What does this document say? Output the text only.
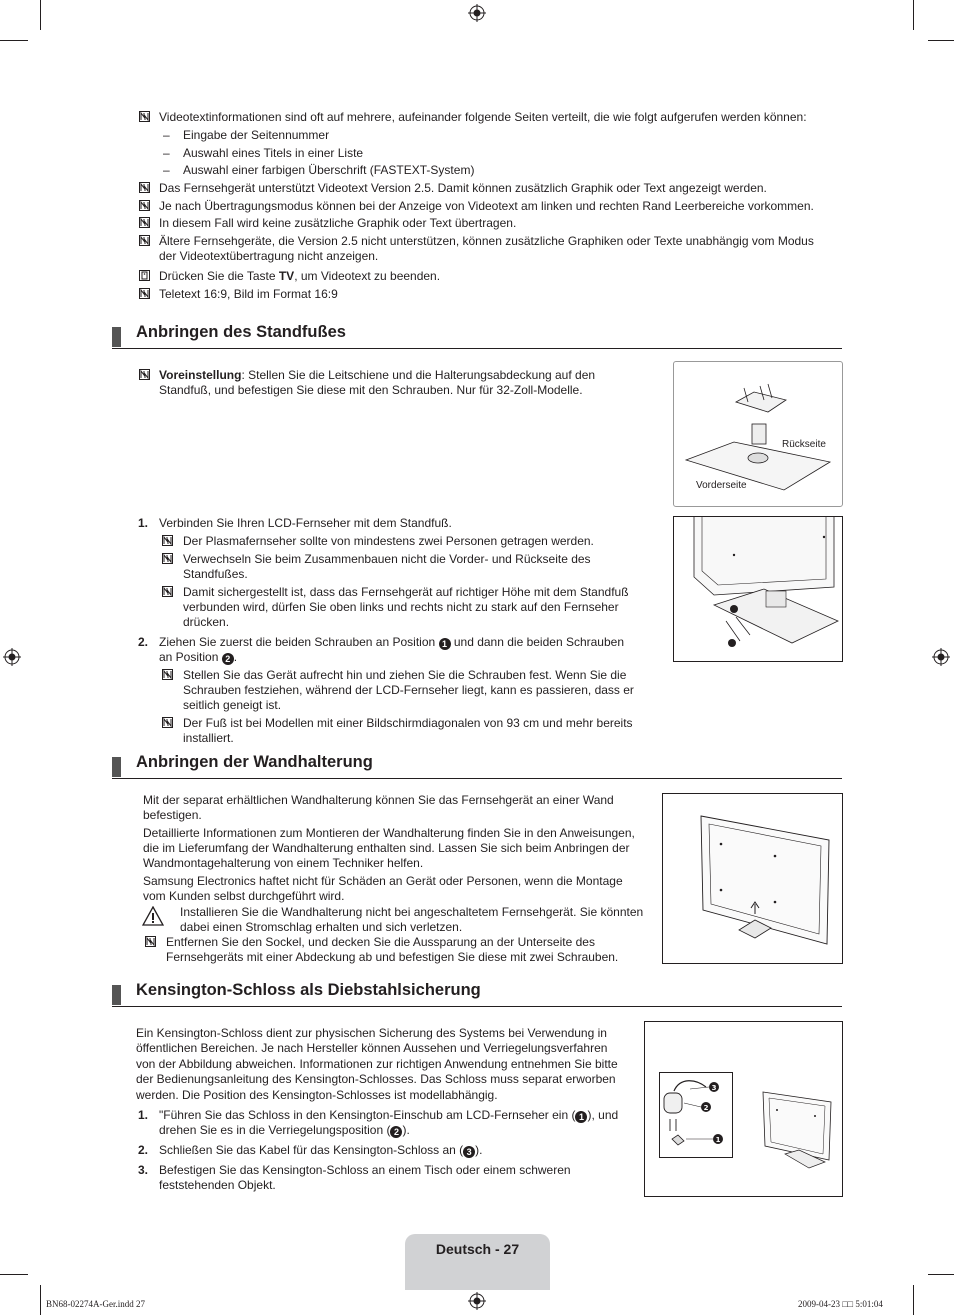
Videotextinformationen sind oft auf mehrere, aufeinander folgende Seiten verteilt, die wie folgt aufgerufen werden können:
– Eingabe der Seitennummer
– Auswahl eines Titels in einer Liste
– Auswahl einer farbigen Überschrift (FASTEXT-System)
Das Fernsehgerät unterstützt Videotext Version 2.5. Damit können zusätzlich Graphik oder Text angezeigt werden.
Je nach Übertragungsmodus können bei der Anzeige von Videotext am linken und rechten Rand Leerbereiche vorkommen.
In diesem Fall wird keine zusätzliche Graphik oder Text übertragen.
Ältere Fernsehgeräte, die Version 2.5 nicht unterstützen, können zusätzliche Graphiken oder Texte unabhängig vom Modus
der Videotextübertragung nicht anzeigen.
Drücken Sie die Taste TV, um Videotext zu beenden.
Teletext 16:9, Bild im Format 16:9
Anbringen des Standfußes
Voreinstellung: Stellen Sie die Leitschiene und die Halterungsabdeckung auf den
Standfuß, und befestigen Sie diese mit den Schrauben. Nur für 32-Zoll-Modelle.
Rückseite
Vorderseite
1. Verbinden Sie Ihren LCD-Fernseher mit dem Standfuß.
Der Plasmafernseher sollte von mindestens zwei Personen getragen werden.
Verwechseln Sie beim Zusammenbauen nicht die Vorder- und Rückseite des
Standfußes.
Damit sichergestellt ist, dass das Fernsehgerät auf richtiger Höhe mit dem Standfuß
verbunden wird, dürfen Sie oben links und rechts nicht zu stark auf den Fernseher
drücken.
2. Ziehen Sie zuerst die beiden Schrauben an Position 1 und dann die beiden Schrauben
an Position 2 .
Stellen Sie das Gerät aufrecht hin und ziehen Sie die Schrauben fest. Wenn Sie die
Schrauben festziehen, während der LCD-Fernseher liegt, kann es passieren, dass er
seitlich geneigt ist.
Der Fuß ist bei Modellen mit einer Bildschirmdiagonalen von 93 cm und mehr bereits
installiert.
Anbringen der Wandhalterung
Mit der separat erhältlichen Wandhalterung können Sie das Fernsehgerät an einer Wand
befestigen.
Detaillierte Informationen zum Montieren der Wandhalterung finden Sie in den Anweisungen,
die im Lieferumfang der Wandhalterung enthalten sind. Lassen Sie sich beim Anbringen der
Wandmontagehalterung von einem Techniker helfen.
Samsung Electronics haftet nicht für Schäden an Gerät oder Personen, wenn die Montage
vom Kunden selbst durchgeführt wird.
Installieren Sie die Wandhalterung nicht bei angeschaltetem Fernsehgerät. Sie könnten
dabei einen Stromschlag erhalten und sich verletzen.
Entfernen Sie den Sockel, und decken Sie die Aussparung an der Unterseite des
Fernsehgeräts mit einer Abdeckung ab und befestigen Sie diese mit zwei Schrauben.
Kensington-Schloss als Diebstahlsicherung
Ein Kensington-Schloss dient zur physischen Sicherung des Systems bei Verwendung in
öffentlichen Bereichen. Je nach Hersteller können Aussehen und Verriegelungsverfahren
von der Abbildung abweichen. Informationen zur richtigen Anwendung entnehmen Sie bitte
der Bedienungsanleitung des Kensington-Schlosses. Das Schloss muss separat erworben
werden. Die Position des Kensington-Schlosses ist modellabhängig.
1. "Führen Sie das Schloss in den Kensington-Einschub am LCD-Fernseher ein ( 1 ), und
drehen Sie es in die Verriegelungsposition ( 2 ).
2. Schließen Sie das Kabel für das Kensington-Schloss an ( 3 ).
3. Befestigen Sie das Kensington-Schloss an einem Tisch oder einem schweren
feststehenden Objekt.
3
2
1
Deutsch - 27
BN68-02274A-Ger.indd 27	2009-04-23 □□ 5:01:04
